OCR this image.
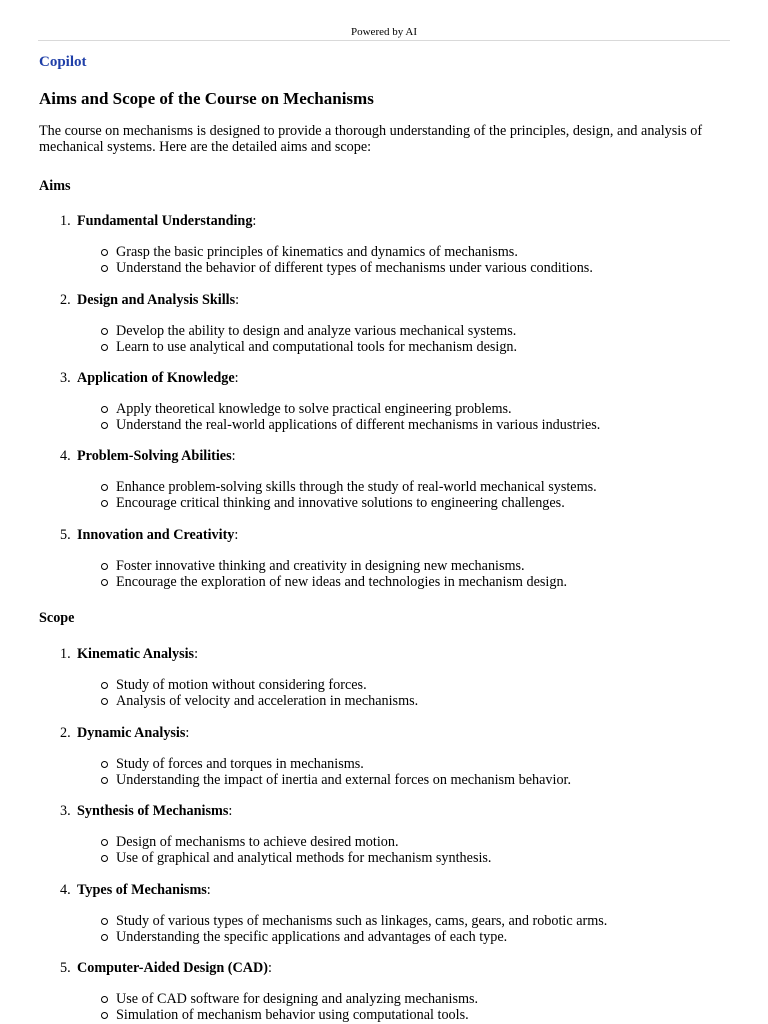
Powered by AI
Copilot
Aims and Scope of the Course on Mechanisms

The course on mechanisms is designed to provide a thorough understanding of the principles, design, and analysis of mechanical systems. Here are the detailed aims and scope:

Aims
1. Fundamental Understanding:
Grasp the basic principles of kinematics and dynamics of mechanisms.
Understand the behavior of different types of mechanisms under various conditions.
2. Design and Analysis Skills:
Develop the ability to design and analyze various mechanical systems.
Learn to use analytical and computational tools for mechanism design.
3. Application of Knowledge:
Apply theoretical knowledge to solve practical engineering problems.
Understand the real-world applications of different mechanisms in various industries.
4. Problem-Solving Abilities:
Enhance problem-solving skills through the study of real-world mechanical systems.
Encourage critical thinking and innovative solutions to engineering challenges.
5. Innovation and Creativity:
Foster innovative thinking and creativity in designing new mechanisms.
Encourage the exploration of new ideas and technologies in mechanism design.
Scope
1. Kinematic Analysis:
Study of motion without considering forces.
Analysis of velocity and acceleration in mechanisms.
2. Dynamic Analysis:
Study of forces and torques in mechanisms.
Understanding the impact of inertia and external forces on mechanism behavior.
3. Synthesis of Mechanisms:
Design of mechanisms to achieve desired motion.
Use of graphical and analytical methods for mechanism synthesis.
4. Types of Mechanisms:
Study of various types of mechanisms such as linkages, cams, gears, and robotic arms.
Understanding the specific applications and advantages of each type.
5. Computer-Aided Design (CAD):
Use of CAD software for designing and analyzing mechanisms.
Simulation of mechanism behavior using computational tools.
